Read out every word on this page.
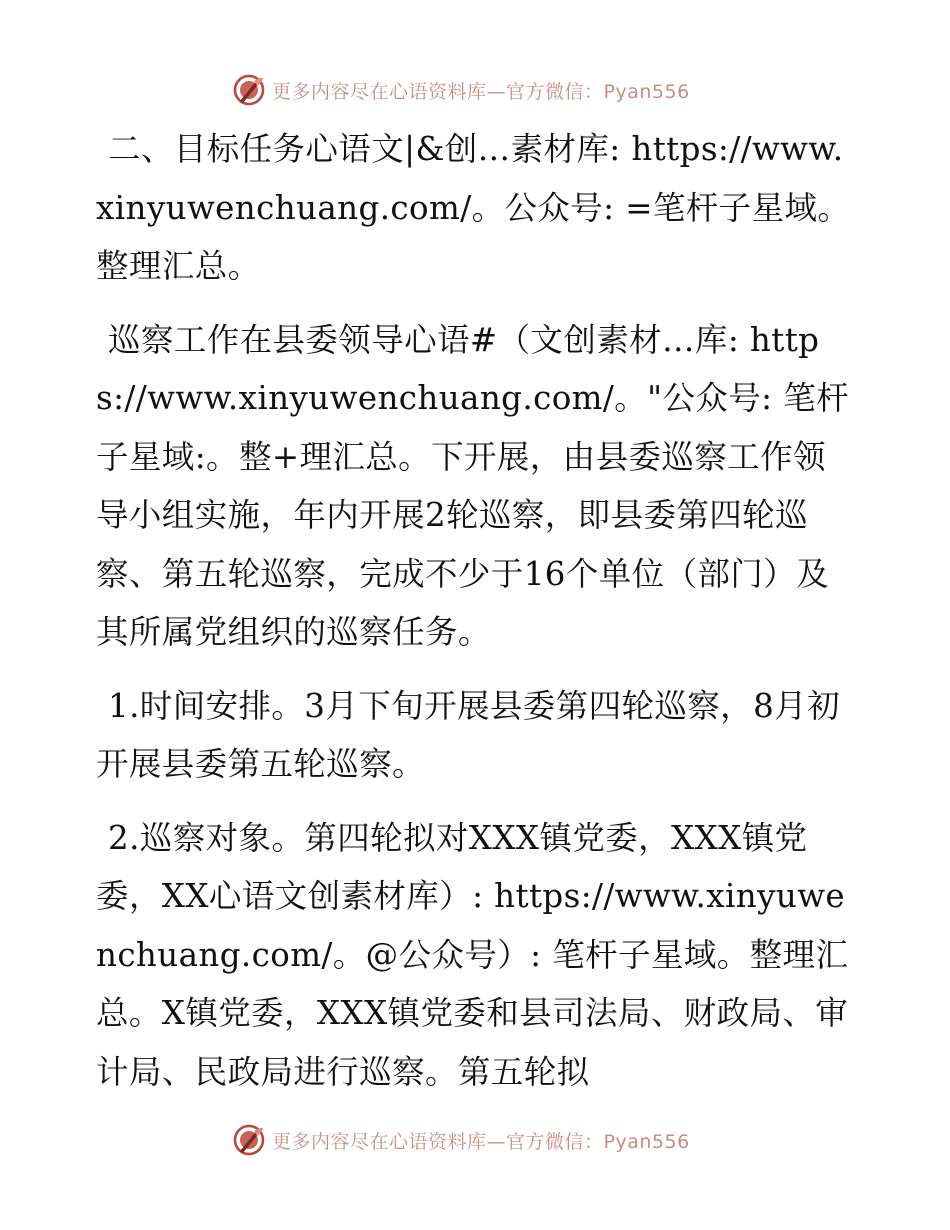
更多内容尽在心语资料库—官方微信：Pyan556

二、目标任务心语文|&创…素材库: https://www.xinyuwenchuang.com/。公众号: =笔杆子星域。整理汇总。

巡察工作在县委领导心语#（文创素材…库: https://www.xinyuwenchuang.com/。"公众号: 笔杆子星域:。整+理汇总。下开展，由县委巡察工作领导小组实施，年内开展2轮巡察，即县委第四轮巡察、第五轮巡察，完成不少于16个单位（部门）及其所属党组织的巡察任务。

1.时间安排。3月下旬开展县委第四轮巡察，8月初开展县委第五轮巡察。

2.巡察对象。第四轮拟对XXX镇党委，XXX镇党委，XX心语文创素材库）: https://www.xinyuwenchuang.com/。@公众号）: 笔杆子星域。整理汇总。X镇党委，XXX镇党委和县司法局、财政局、审计局、民政局进行巡察。第五轮拟

更多内容尽在心语资料库—官方微信：Pyan556
